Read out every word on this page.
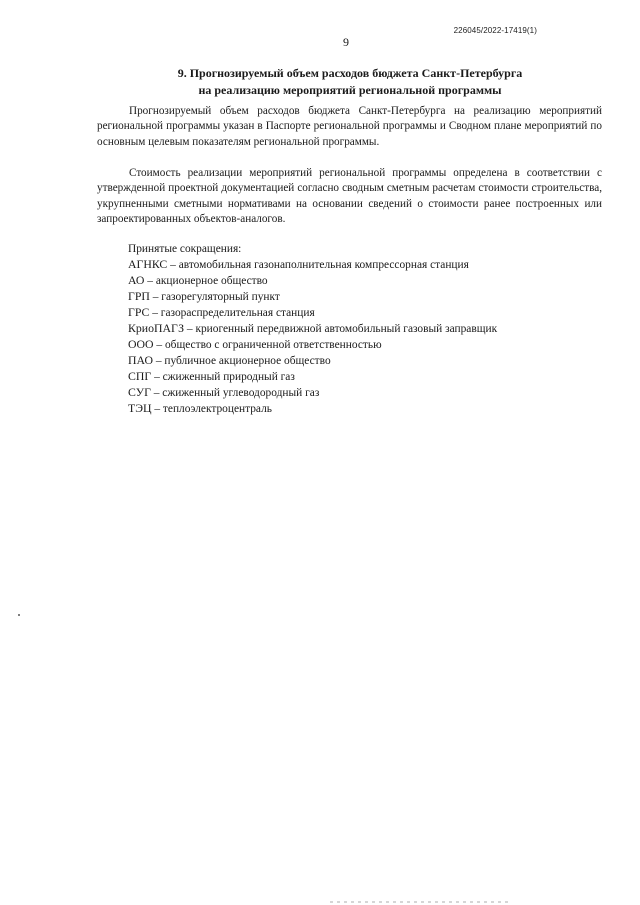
226045/2022-17419(1)
9
9. Прогнозируемый объем расходов бюджета Санкт-Петербурга
на реализацию мероприятий региональной программы
Прогнозируемый объем расходов бюджета Санкт-Петербурга на реализацию мероприятий региональной программы указан в Паспорте региональной программы и Сводном плане мероприятий по основным целевым показателям региональной программы.
Стоимость реализации мероприятий региональной программы определена в соответствии с утвержденной проектной документацией согласно сводным сметным расчетам стоимости строительства, укрупненными сметными нормативами на основании сведений о стоимости ранее построенных или запроектированных объектов-аналогов.
Принятые сокращения:
АГНКС – автомобильная газонаполнительная компрессорная станция
АО – акционерное общество
ГРП – газорегуляторный пункт
ГРС – газораспределительная станция
КриоПАГЗ – криогенный передвижной автомобильный газовый заправщик
ООО – общество с ограниченной ответственностью
ПАО – публичное акционерное общество
СПГ – сжиженный природный газ
СУГ – сжиженный углеводородный газ
ТЭЦ – теплоэлектроцентраль
